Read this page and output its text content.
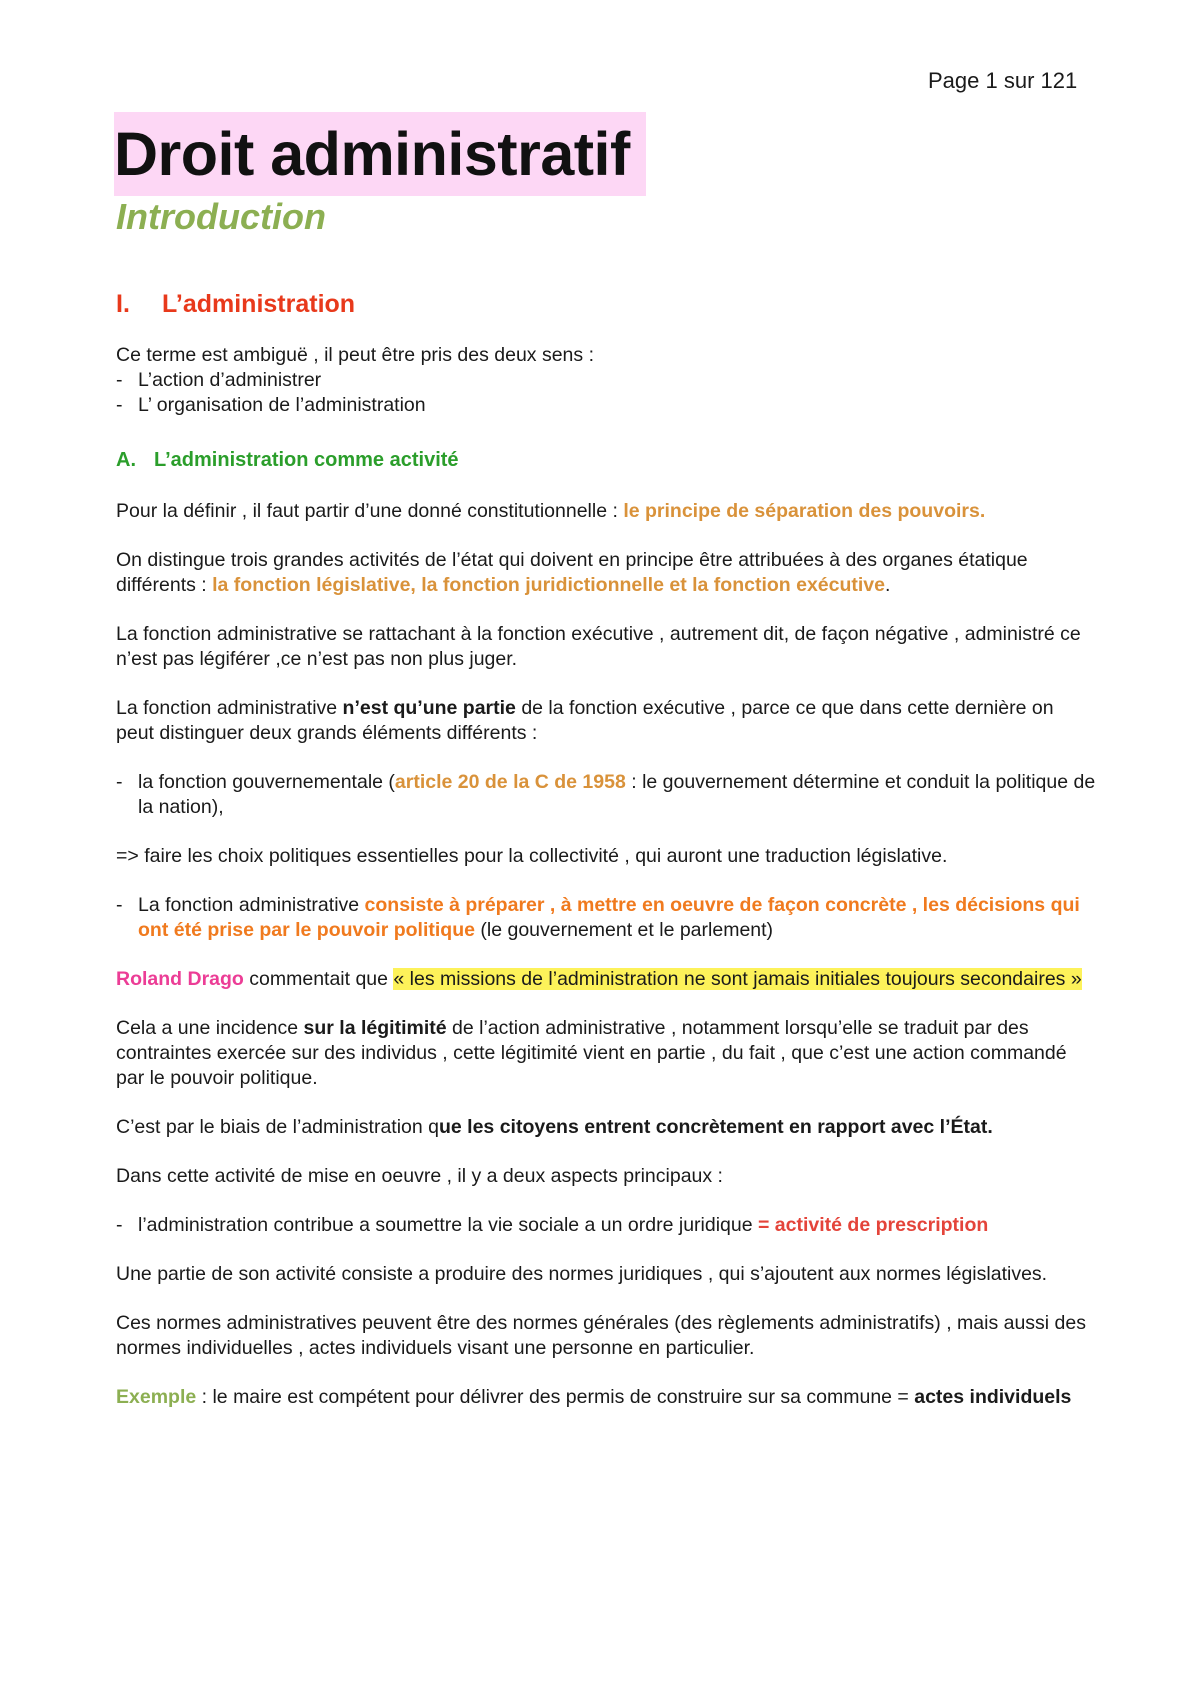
Page 1 sur 121
Droit administratif
Introduction
I. L’administration

Ce terme est ambiguë , il peut être pris des deux sens :

- L’action d’administrer
- L’ organisation de l’administration
A. L’administration comme activité

Pour la définir , il faut partir d’une donné constitutionnelle : le principe de séparation des pouvoirs.

On distingue trois grandes activités de l’état qui doivent en principe être attribuées à des organes étatique différents : la fonction législative, la fonction juridictionnelle et la fonction exécutive.

La fonction administrative se rattachant à la fonction exécutive , autrement dit, de façon négative , administré ce n’est pas légiférer ,ce n’est pas non plus juger.

La fonction administrative n’est qu’une partie de la fonction exécutive , parce ce que dans cette dernière on peut distinguer deux grands éléments différents :

- la fonction gouvernementale (article 20 de la C de 1958 : le gouvernement détermine et conduit la politique de la nation),

=> faire les choix politiques essentielles pour la collectivité , qui auront une traduction législative.

- La fonction administrative consiste à préparer , à mettre en oeuvre de façon concrète , les décisions qui ont été prise par le pouvoir politique (le gouvernement et le parlement)

Roland Drago commentait que « les missions de l’administration ne sont jamais initiales toujours secondaires »

Cela a une incidence sur la légitimité de l’action administrative , notamment lorsqu’elle se traduit par des contraintes exercée sur des individus , cette légitimité vient en partie , du fait , que c’est une action commandé par le pouvoir politique.

C’est par le biais de l’administration que les citoyens entrent concrètement en rapport avec l’État.

Dans cette activité de mise en oeuvre , il y a deux aspects principaux :

- l’administration contribue a soumettre la vie sociale a un ordre juridique = activité de prescription

Une partie de son activité consiste a produire des normes juridiques , qui s’ajoutent aux normes législatives.

Ces normes administratives peuvent être des normes générales (des règlements administratifs) , mais aussi des normes individuelles , actes individuels visant une personne en particulier.

Exemple : le maire est compétent pour délivrer des permis de construire sur sa commune = actes individuels
